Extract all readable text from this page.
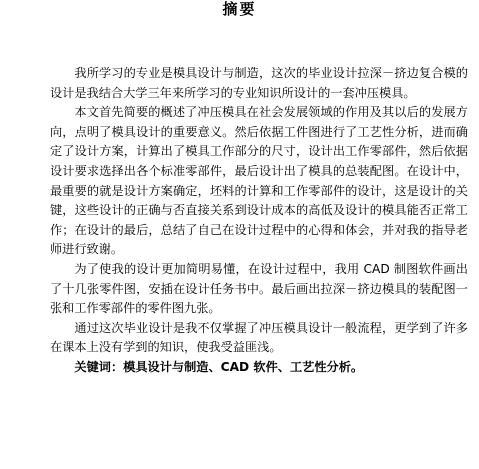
摘要

我所学习的专业是模具设计与制造，这次的毕业设计拉深－挤边复合模的设计是我结合大学三年来所学习的专业知识所设计的一套冲压模具。

本文首先简要的概述了冲压模具在社会发展领域的作用及其以后的发展方向，点明了模具设计的重要意义。然后依据工件图进行了工艺性分析，进而确定了设计方案，计算出了模具工作部分的尺寸，设计出工作零部件，然后依据设计要求选择出各个标准零部件，最后设计出了模具的总装配图。在设计中，最重要的就是设计方案确定，坯料的计算和工作零部件的设计，这是设计的关键，这些设计的正确与否直接关系到设计成本的高低及设计的模具能否正常工作；在设计的最后，总结了自己在设计过程中的心得和体会，并对我的指导老师进行致谢。

为了使我的设计更加简明易懂，在设计过程中，我用 CAD 制图软件画出了十几张零件图，安插在设计任务书中。最后画出拉深－挤边模具的装配图一张和工作零部件的零件图九张。

通过这次毕业设计是我不仅掌握了冲压模具设计一般流程，更学到了许多在课本上没有学到的知识，使我受益匪浅。

关键词：模具设计与制造、CAD 软件、工艺性分析。
